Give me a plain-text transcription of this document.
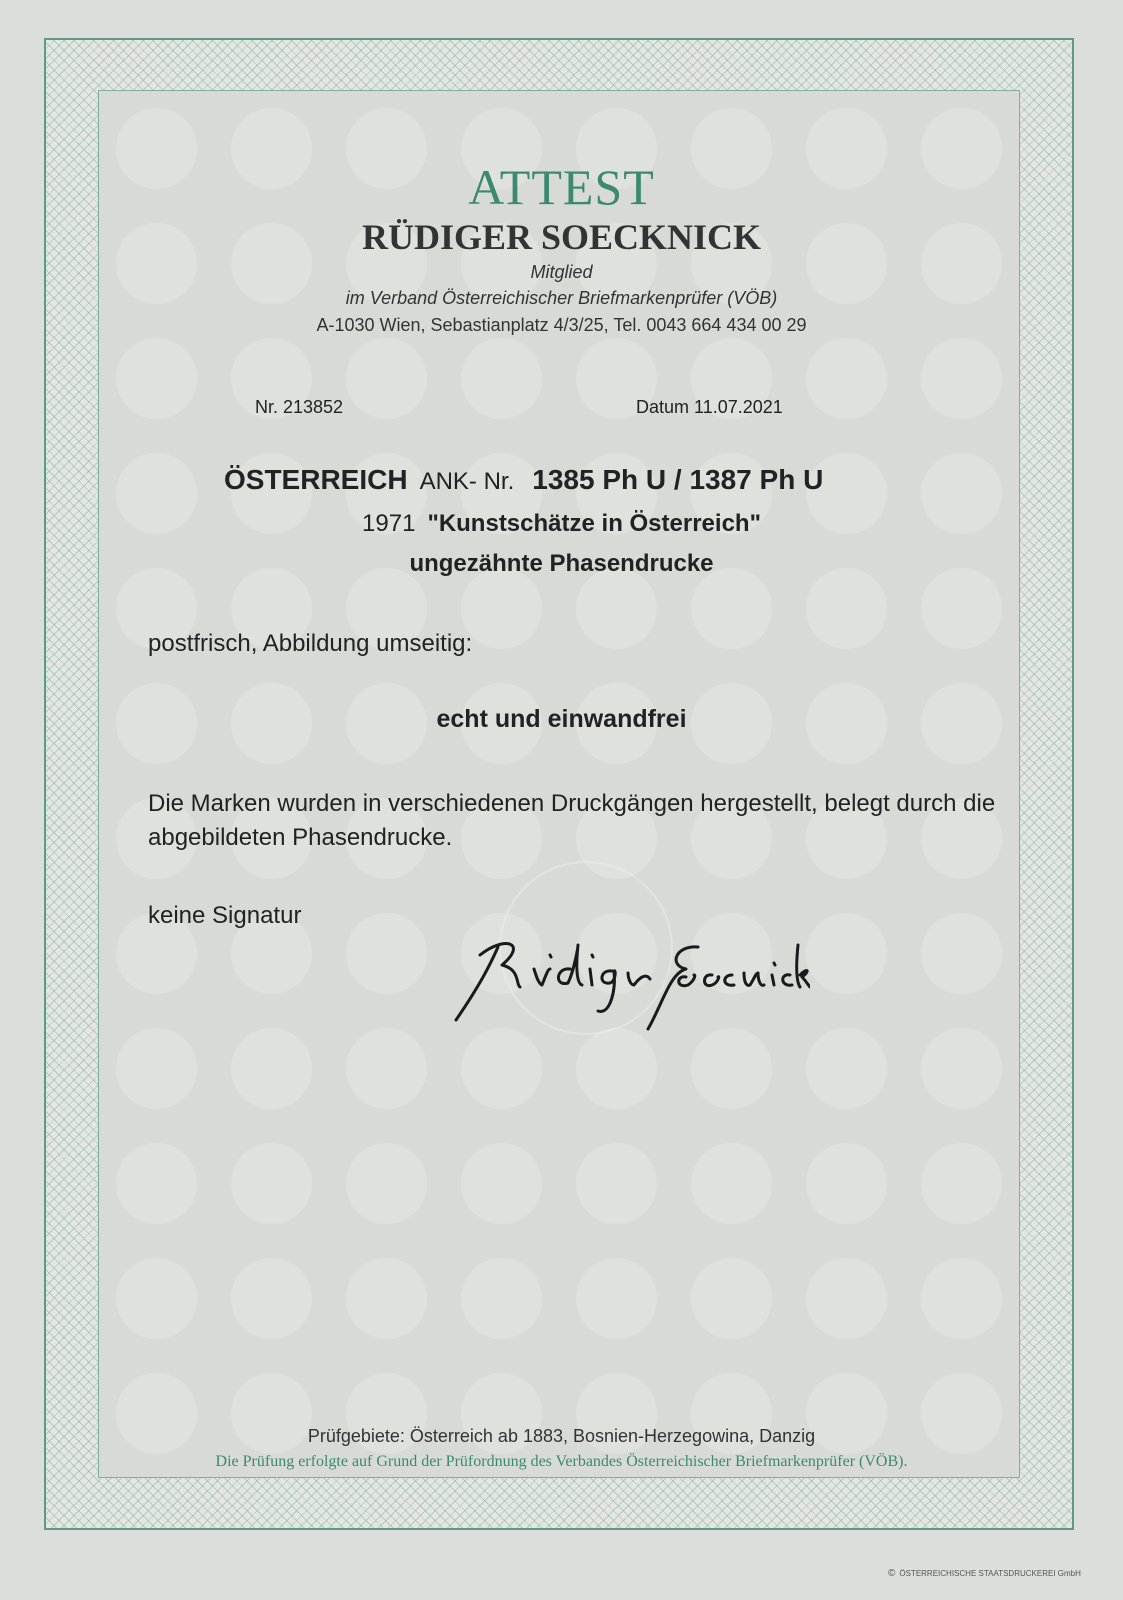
ATTEST
RÜDIGER SOECKNICK
Mitglied
im Verband Österreichischer Briefmarkenprüfer (VÖB)
A-1030 Wien, Sebastianplatz 4/3/25, Tel. 0043 664 434 00 29
Nr. 213852	Datum 11.07.2021
ÖSTERREICH ANK- Nr. 1385 Ph U / 1387 Ph U
1971 "Kunstschätze in Österreich"
ungezähnte Phasendrucke
postfrisch, Abbildung umseitig:
echt und einwandfrei
Die Marken wurden in verschiedenen Druckgängen hergestellt, belegt durch die abgebildeten Phasendrucke.
keine Signatur
Prüfgebiete: Österreich ab 1883, Bosnien-Herzegowina, Danzig
Die Prüfung erfolgte auf Grund der Prüfordnung des Verbandes Österreichischer Briefmarkenprüfer (VÖB).
© ÖSTERREICHISCHE STAATSDRUCKEREI GmbH
